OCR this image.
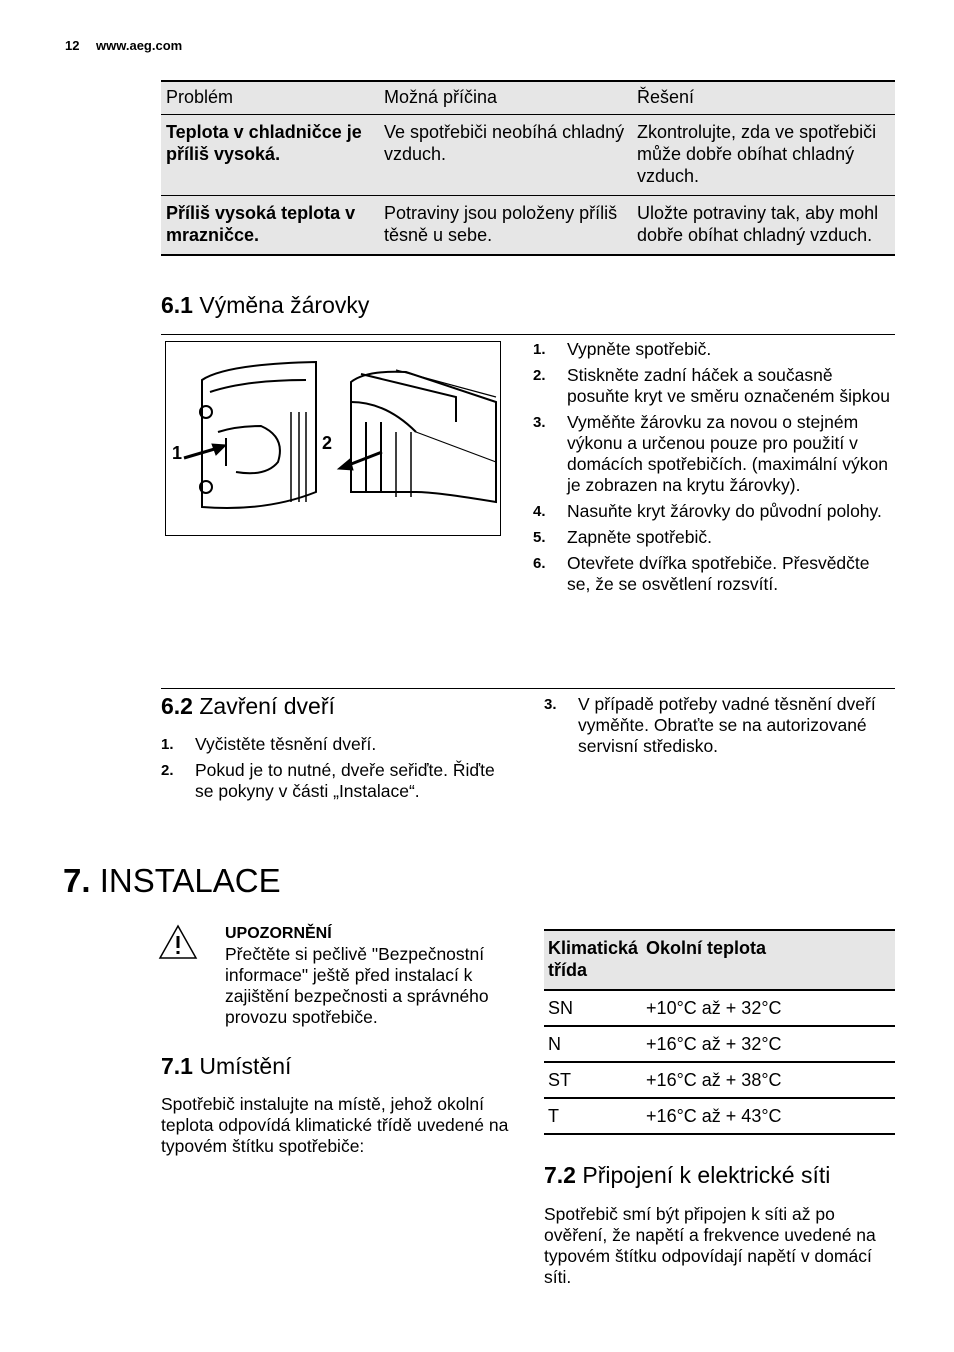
12 www.aeg.com
Problém	Možná příčina	Řešení
Teplota v chladničce je příliš vysoká.	Ve spotřebiči neobíhá chladný vzduch.	Zkontrolujte, zda ve spotřebiči může dobře obíhat chladný vzduch.
Příliš vysoká teplota v mrazničce.	Potraviny jsou položeny příliš těsně u sebe.	Uložte potraviny tak, aby mohl dobře obíhat chladný vzduch.
6.1 Výměna žárovky
1	2
1. Vypněte spotřebič.
2. Stiskněte zadní háček a současně posuňte kryt ve směru označeném šipkou
3. Vyměňte žárovku za novou o stejném výkonu a určenou pouze pro použití v domácích spotřebičích. (maximální výkon je zobrazen na krytu žárovky).
4. Nasuňte kryt žárovky do původní polohy.
5. Zapněte spotřebič.
6. Otevřete dvířka spotřebiče. Přesvědčte se, že se osvětlení rozsvítí.
6.2 Zavření dveří
1. Vyčistěte těsnění dveří.
2. Pokud je to nutné, dveře seřiďte. Řiďte se pokyny v části „Instalace“.
3. V případě potřeby vadné těsnění dveří vyměňte. Obraťte se na autorizované servisní středisko.
7. INSTALACE
UPOZORNĚNÍ
Přečtěte si pečlivě "Bezpečnostní informace" ještě před instalací k zajištění bezpečnosti a správného provozu spotřebiče.
7.1 Umístění
Spotřebič instalujte na místě, jehož okolní teplota odpovídá klimatické třídě uvedené na typovém štítku spotřebiče:
Klimatická třída	Okolní teplota
SN	+10°C až + 32°C
N	+16°C až + 32°C
ST	+16°C až + 38°C
T	+16°C až + 43°C
7.2 Připojení k elektrické síti
Spotřebič smí být připojen k síti až po ověření, že napětí a frekvence uvedené na typovém štítku odpovídají napětí v domácí síti.
